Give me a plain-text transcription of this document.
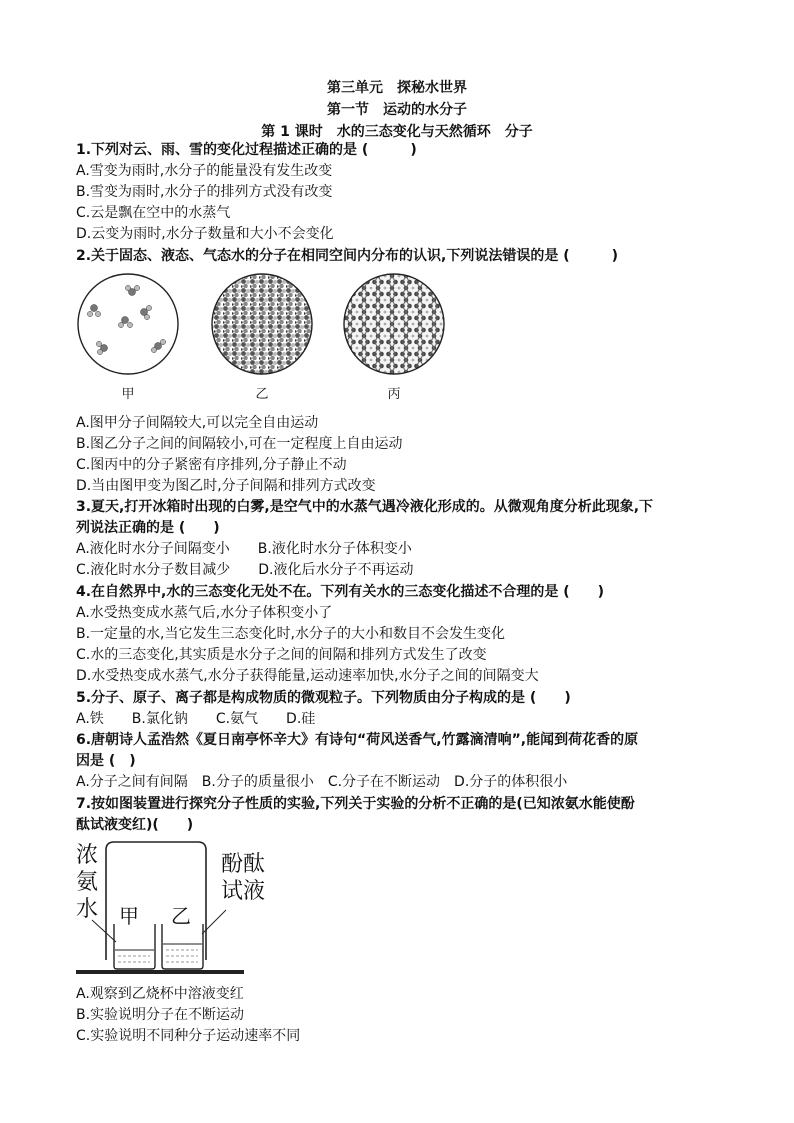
第三单元　探秘水世界
第一节　运动的水分子
第 1 课时　水的三态变化与天然循环　分子
1.下列对云、雨、雪的变化过程描述正确的是 (　　　)
A.雪变为雨时,水分子的能量没有发生改变
B.雪变为雨时,水分子的排列方式没有改变
C.云是飘在空中的水蒸气
D.云变为雨时,水分子数量和大小不会变化
2.关于固态、液态、气态水的分子在相同空间内分布的认识,下列说法错误的是 (　　　)
甲	乙	丙
A.图甲分子间隔较大,可以完全自由运动
B.图乙分子之间的间隔较小,可在一定程度上自由运动
C.图丙中的分子紧密有序排列,分子静止不动
D.当由图甲变为图乙时,分子间隔和排列方式改变
3.夏天,打开冰箱时出现的白雾,是空气中的水蒸气遇冷液化形成的。从微观角度分析此现象,下
列说法正确的是 (　　)
A.液化时水分子间隔变小　　B.液化时水分子体积变小
C.液化时水分子数目减少　　D.液化后水分子不再运动
4.在自然界中,水的三态变化无处不在。下列有关水的三态变化描述不合理的是 (　　)
A.水受热变成水蒸气后,水分子体积变小了
B.一定量的水,当它发生三态变化时,水分子的大小和数目不会发生变化
C.水的三态变化,其实质是水分子之间的间隔和排列方式发生了改变
D.水受热变成水蒸气,水分子获得能量,运动速率加快,水分子之间的间隔变大
5.分子、原子、离子都是构成物质的微观粒子。下列物质由分子构成的是 (　　)
A.铁　　B.氯化钠　　C.氨气　　D.硅
6.唐朝诗人孟浩然《夏日南亭怀辛大》有诗句“荷风送香气,竹露滴清响”,能闻到荷花香的原
因是 (　)
A.分子之间有间隔　B.分子的质量很小　C.分子在不断运动　D.分子的体积很小
7.按如图装置进行探究分子性质的实验,下列关于实验的分析不正确的是(已知浓氨水能使酚
酞试液变红)(　　)
浓
氨
水 甲 乙
酚酞
试液
A.观察到乙烧杯中溶液变红
B.实验说明分子在不断运动
C.实验说明不同种分子运动速率不同
